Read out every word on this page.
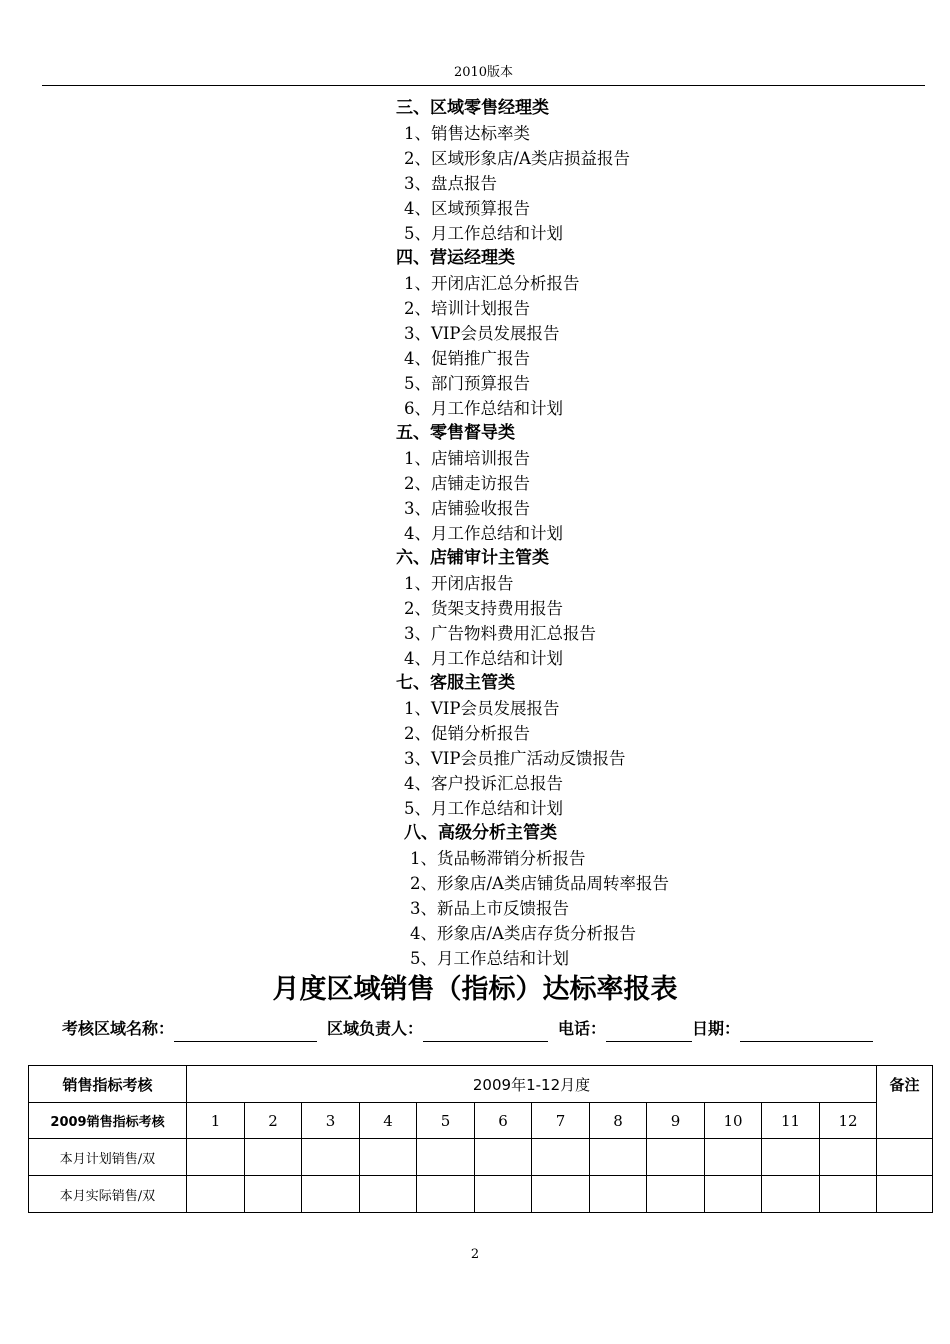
2010版本
三、区域零售经理类
1、销售达标率类
2、区域形象店/A类店损益报告
3、盘点报告
4、区域预算报告
5、月工作总结和计划
四、营运经理类
1、开闭店汇总分析报告
2、培训计划报告
3、VIP会员发展报告
4、促销推广报告
5、部门预算报告
6、月工作总结和计划
五、零售督导类
1、店铺培训报告
2、店铺走访报告
3、店铺验收报告
4、月工作总结和计划
六、店铺审计主管类
1、开闭店报告
2、货架支持费用报告
3、广告物料费用汇总报告
4、月工作总结和计划
七、客服主管类
1、VIP会员发展报告
2、促销分析报告
3、VIP会员推广活动反馈报告
4、客户投诉汇总报告
5、月工作总结和计划
八、高级分析主管类
1、货品畅滞销分析报告
2、形象店/A类店铺货品周转率报告
3、新品上市反馈报告
4、形象店/A类店存货分析报告
5、月工作总结和计划
月度区域销售（指标）达标率报表
考核区域名称：	区域负责人：	电话：	日期：
销售指标考核	2009年1-12月度												备注
2009销售指标考核	1	2	3	4	5	6	7	8	9	10	11	12	
本月计划销售/双													
本月实际销售/双													
2
